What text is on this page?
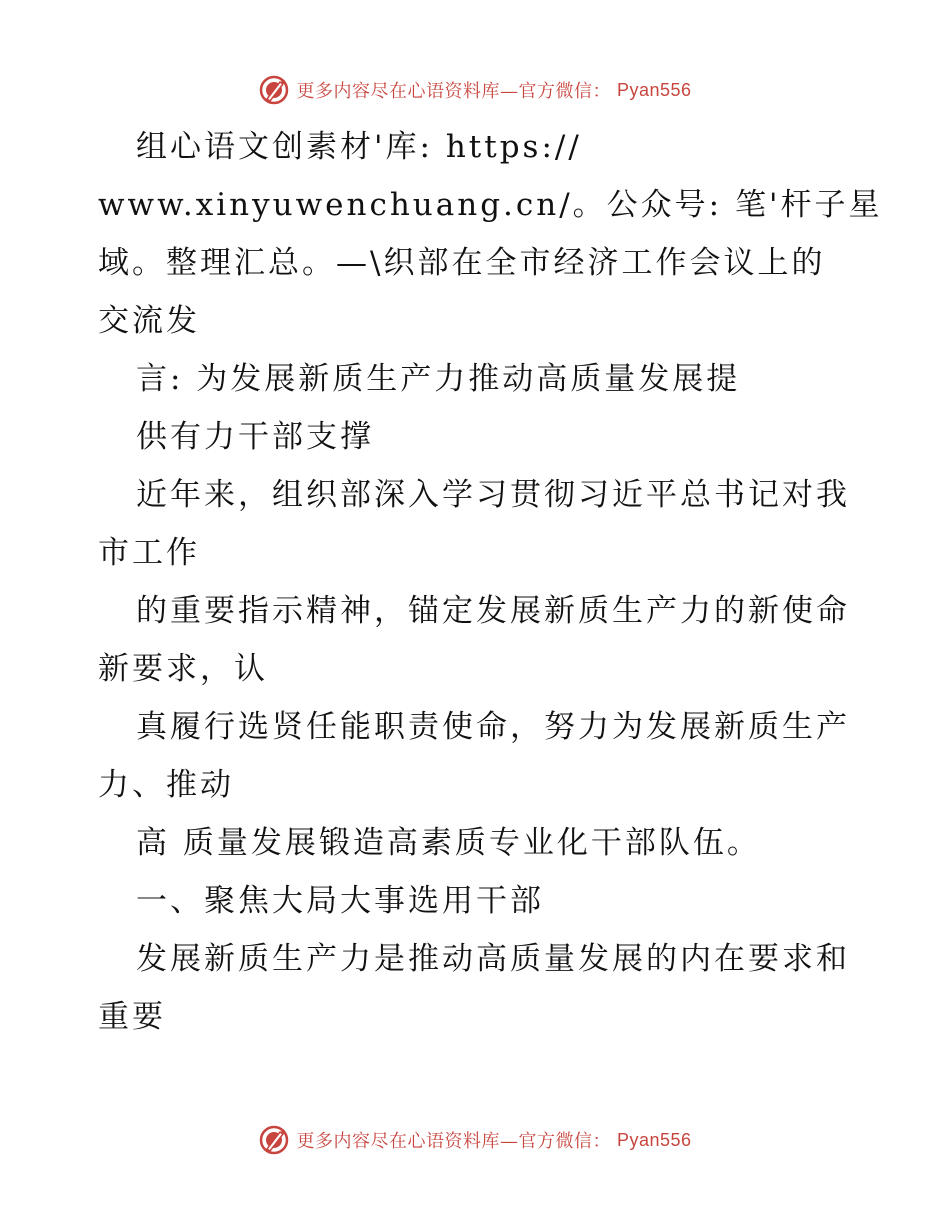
更多内容尽在心语资料库—官方微信： Pyan556
组心语文创素材'库: https://
www.xinyuwenchuang.cn/。公众号: 笔'杆子星
域。整理汇总。—\织部在全市经济工作会议上的
交流发
言: 为发展新质生产力推动高质量发展提
供有力干部支撑
近年来，组织部深入学习贯彻习近平总书记对我
市工作
的重要指示精神，锚定发展新质生产力的新使命
新要求，认
真履行选贤任能职责使命，努力为发展新质生产
力、推动
高 质量发展锻造高素质专业化干部队伍。
一、聚焦大局大事选用干部
发展新质生产力是推动高质量发展的内在要求和
重要
更多内容尽在心语资料库—官方微信： Pyan556
